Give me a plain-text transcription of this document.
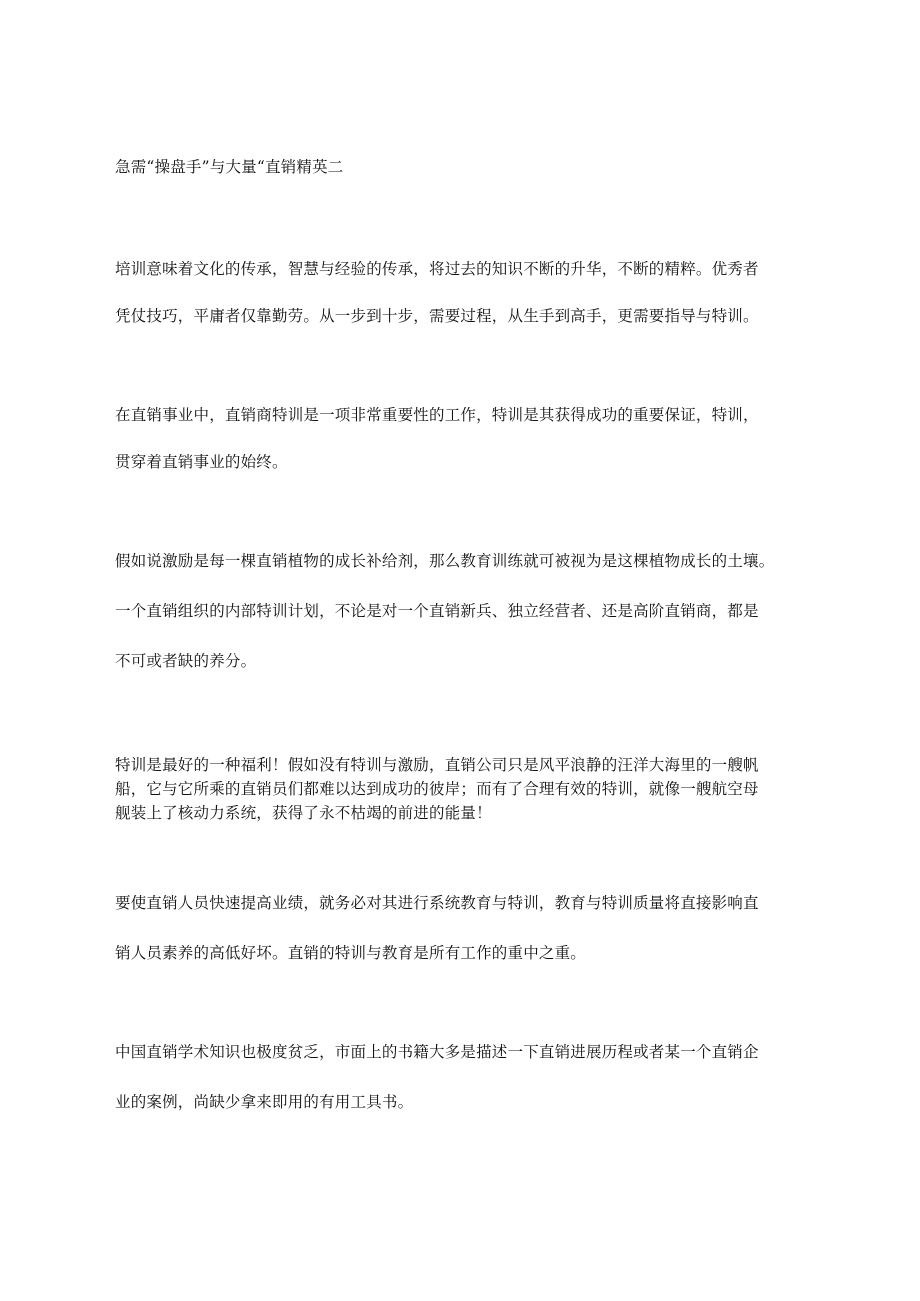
急需“操盘手”与大量“直销精英二
培训意味着文化的传承，智慧与经验的传承，将过去的知识不断的升华，不断的精粹。优秀者
凭仗技巧，平庸者仅靠勤劳。从一步到十步，需要过程，从生手到高手，更需要指导与特训。
在直销事业中，直销商特训是一项非常重要性的工作，特训是其获得成功的重要保证，特训，
贯穿着直销事业的始终。
假如说激励是每一棵直销植物的成长补给剂，那么教育训练就可被视为是这棵植物成长的土壤。
一个直销组织的内部特训计划，不论是对一个直销新兵、独立经营者、还是高阶直销商，都是
不可或者缺的养分。
特训是最好的一种福利！假如没有特训与激励，直销公司只是风平浪静的汪洋大海里的一艘帆
船，它与它所乘的直销员们都难以达到成功的彼岸；而有了合理有效的特训，就像一艘航空母
舰装上了核动力系统，获得了永不枯竭的前进的能量！
要使直销人员快速提高业绩，就务必对其进行系统教育与特训，教育与特训质量将直接影响直
销人员素养的高低好坏。直销的特训与教育是所有工作的重中之重。
中国直销学术知识也极度贫乏，市面上的书籍大多是描述一下直销进展历程或者某一个直销企
业的案例，尚缺少拿来即用的有用工具书。
